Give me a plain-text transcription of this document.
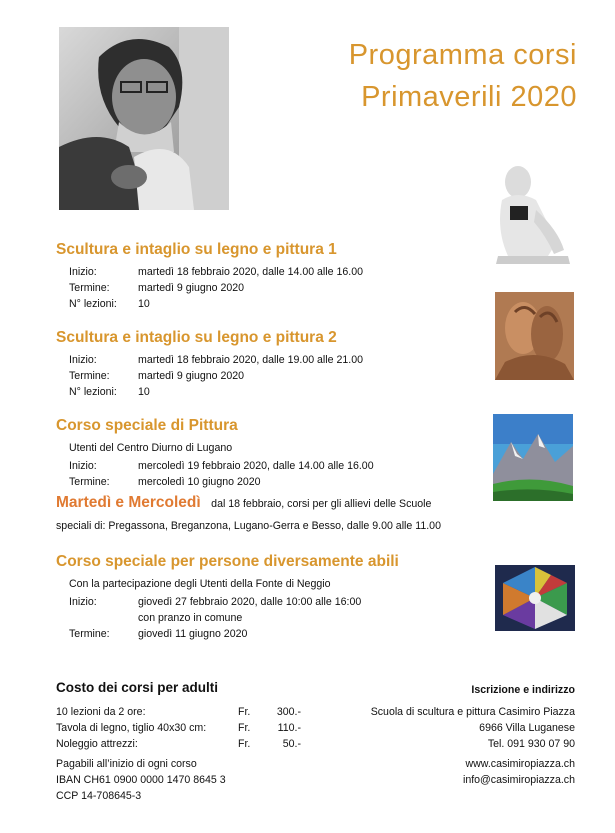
Programma corsi
Primaverili 2020
Scultura e intaglio su legno e pittura 1
Inizio:	martedì 18 febbraio 2020, dalle 14.00 alle 16.00
Termine:	martedì 9 giugno 2020
N° lezioni: 10
Scultura e intaglio su legno e pittura 2
Inizio:	martedì 18 febbraio 2020, dalle 19.00 alle 21.00
Termine:	martedì 9 giugno 2020
N° lezioni: 10
Corso speciale di Pittura
Utenti del Centro Diurno di Lugano
Inizio:	mercoledì 19 febbraio 2020, dalle 14.00 alle 16.00
Termine:	mercoledì 10 giugno 2020
Martedì e Mercoledì dal 18 febbraio, corsi per gli allievi delle Scuole
speciali di: Pregassona, Breganzona, Lugano-Gerra e Besso, dalle 9.00 alle 11.00
Corso speciale per persone diversamente abili
Con la partecipazione degli Utenti della Fonte di Neggio
Inizio:	giovedì 27 febbraio 2020, dalle 10:00 alle 16:00
con pranzo in comune
Termine:	giovedì 11 giugno 2020
Costo dei corsi per adulti
10 lezioni da 2 ore:	Fr. 300.-
Tavola di legno, tiglio 40x30 cm:	Fr.	110.-
Noleggio attrezzi:	Fr.	50.-
Pagabili all’inizio di ogni corso
IBAN CH61 0900 0000 1470 8645 3
CCP 14-708645-3
Iscrizione e indirizzo
Scuola di scultura e pittura Casimiro Piazza
6966 Villa Luganese
Tel. 091 930 07 90
www.casimiropiazza.ch
info@casimiropiazza.ch
